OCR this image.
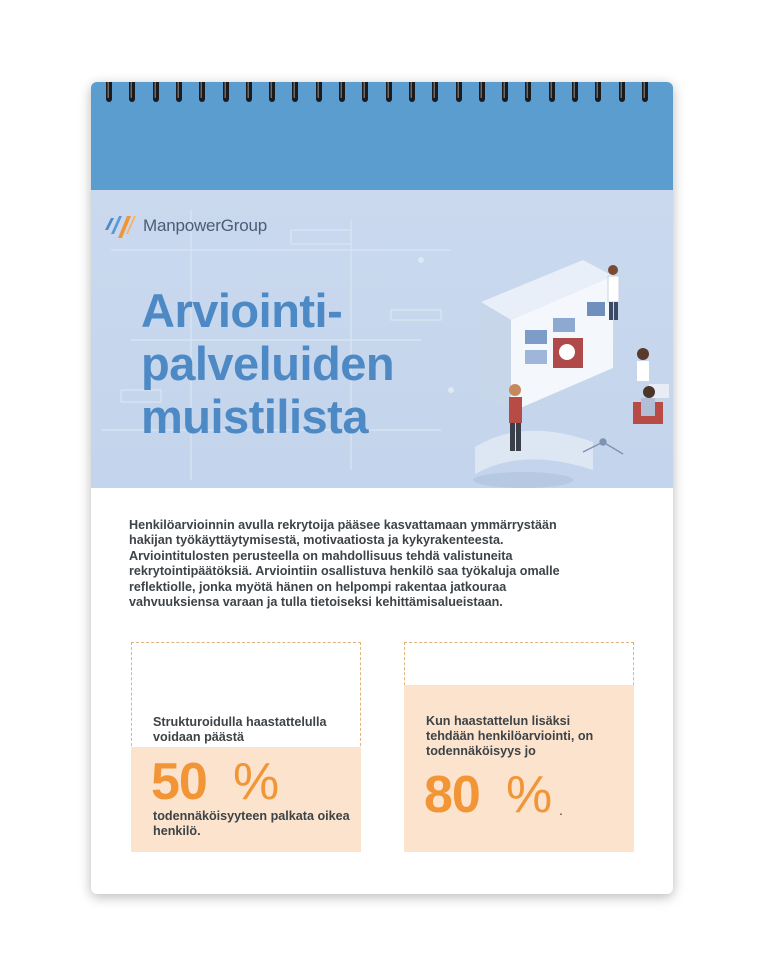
ManpowerGroup
Arviointi-
palveluiden
muistilista

Henkilöarvioinnin avulla rekrytoija pääsee kasvattamaan ymmärrystään hakijan työkäyttäytymisestä, motivaatiosta ja kykyrakenteesta. Arviointitulosten perusteella on mahdollisuus tehdä valistuneita rekrytointipäätöksiä. Arviointiin osallistuva henkilö saa työkaluja omalle reflektiolle, jonka myötä hänen on helpompi rakentaa jatkouraa vahvuuksiensa varaan ja tulla tietoiseksi kehittämisalueistaan.

Strukturoidulla haastattelulla voidaan päästä

50 %

todennäköisyyteen palkata oikea henkilö.

Kun haastattelun lisäksi tehdään henkilöarviointi, on todennäköisyys jo

80 % .
